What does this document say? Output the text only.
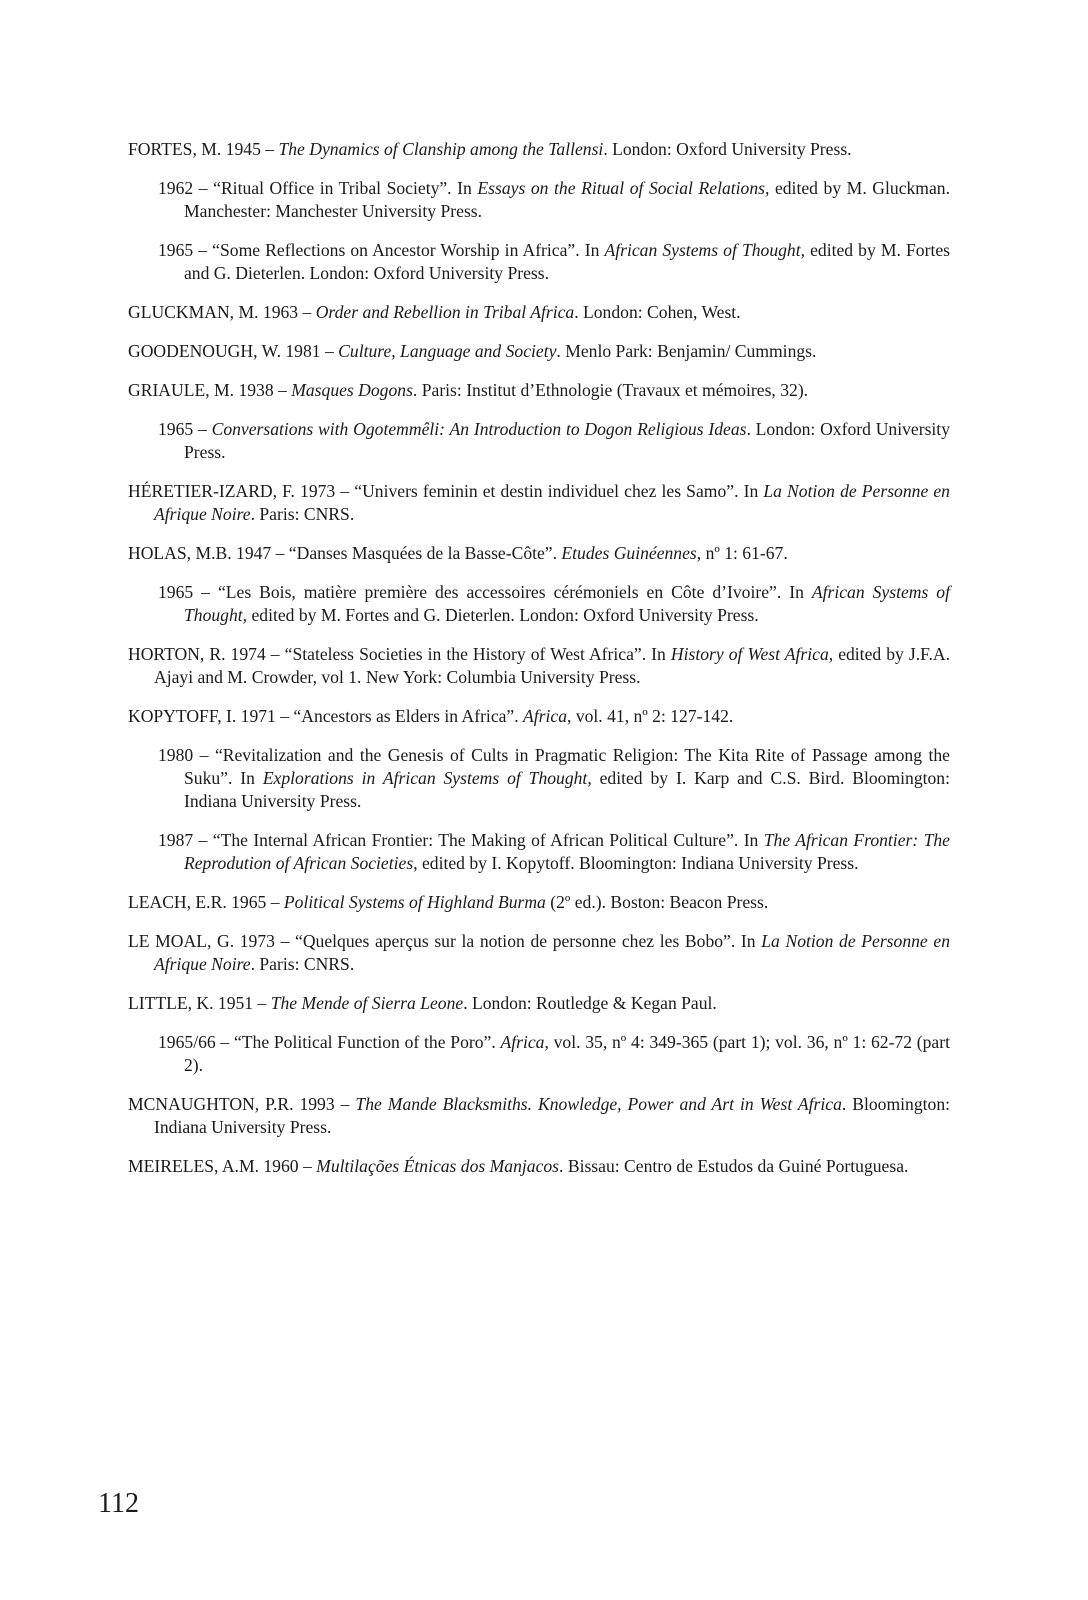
FORTES, M. 1945 – The Dynamics of Clanship among the Tallensi. London: Oxford University Press.
1962 – “Ritual Office in Tribal Society”. In Essays on the Ritual of Social Relations, edited by M. Gluckman. Manchester: Manchester University Press.
1965 – “Some Reflections on Ancestor Worship in Africa”. In African Systems of Thought, edited by M. Fortes and G. Dieterlen. London: Oxford University Press.
GLUCKMAN, M. 1963 – Order and Rebellion in Tribal Africa. London: Cohen, West.
GOODENOUGH, W. 1981 – Culture, Language and Society. Menlo Park: Benjamin/ Cummings.
GRIAULE, M. 1938 – Masques Dogons. Paris: Institut d’Ethnologie (Travaux et mémoires, 32).
1965 – Conversations with Ogotemmêli: An Introduction to Dogon Religious Ideas. London: Oxford University Press.
HÉRETIER-IZARD, F. 1973 – “Univers feminin et destin individuel chez les Samo”. In La Notion de Personne en Afrique Noire. Paris: CNRS.
HOLAS, M.B. 1947 – “Danses Masquées de la Basse-Côte”. Etudes Guinéennes, nº 1: 61-67.
1965 – “Les Bois, matière première des accessoires cérémoniels en Côte d’Ivoire”. In African Systems of Thought, edited by M. Fortes and G. Dieterlen. London: Oxford University Press.
HORTON, R. 1974 – “Stateless Societies in the History of West Africa”. In History of West Africa, edited by J.F.A. Ajayi and M. Crowder, vol 1. New York: Columbia University Press.
KOPYTOFF, I. 1971 – “Ancestors as Elders in Africa”. Africa, vol. 41, nº 2: 127-142.
1980 – “Revitalization and the Genesis of Cults in Pragmatic Religion: The Kita Rite of Passage among the Suku”. In Explorations in African Systems of Thought, edited by I. Karp and C.S. Bird. Bloomington: Indiana University Press.
1987 – “The Internal African Frontier: The Making of African Political Culture”. In The African Frontier: The Reprodution of African Societies, edited by I. Kopytoff. Bloomington: Indiana University Press.
LEACH, E.R. 1965 – Political Systems of Highland Burma (2º ed.). Boston: Beacon Press.
LE MOAL, G. 1973 – “Quelques aperçus sur la notion de personne chez les Bobo”. In La Notion de Personne en Afrique Noire. Paris: CNRS.
LITTLE, K. 1951 – The Mende of Sierra Leone. London: Routledge & Kegan Paul.
1965/66 – “The Political Function of the Poro”. Africa, vol. 35, nº 4: 349-365 (part 1); vol. 36, nº 1: 62-72 (part 2).
MCNAUGHTON, P.R. 1993 – The Mande Blacksmiths. Knowledge, Power and Art in West Africa. Bloomington: Indiana University Press.
MEIRELES, A.M. 1960 – Multilações Étnicas dos Manjacos. Bissau: Centro de Estudos da Guiné Portuguesa.
112
